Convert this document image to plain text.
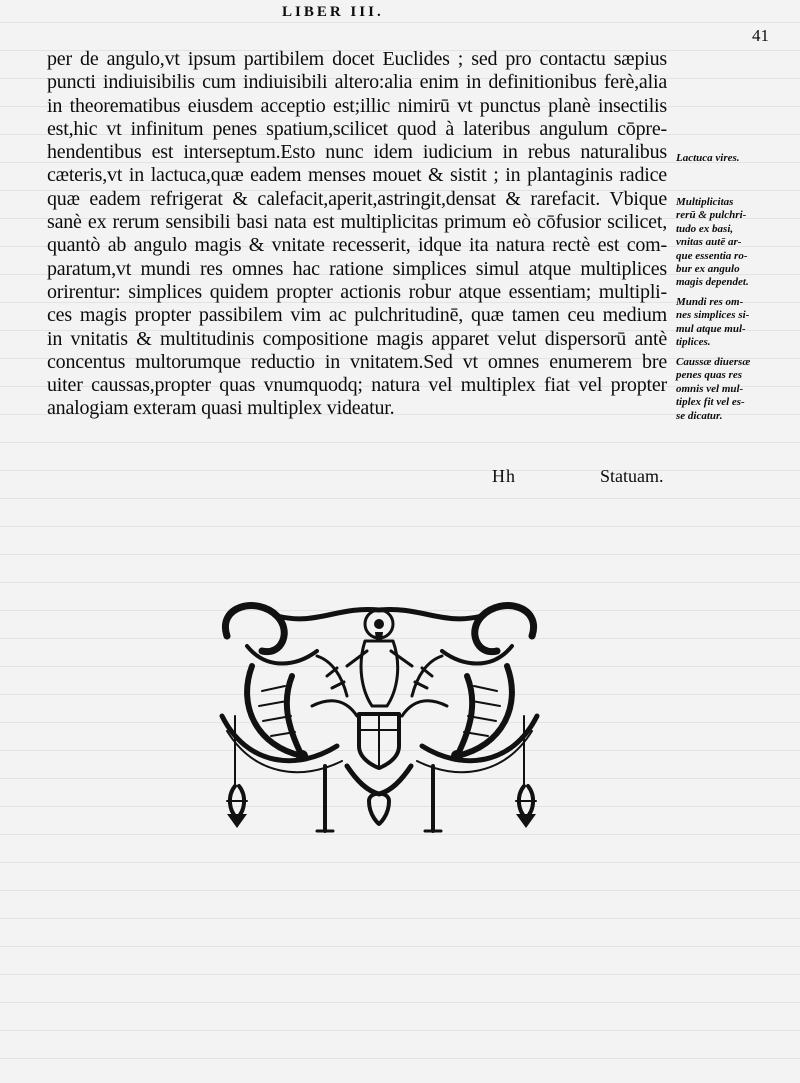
LIBER III.
41
per de angulo,vt ipsum partibilem docet Euclides ; sed pro contactu sæpius
puncti indiuisibilis cum indiuisibili altero:alia enim in definitionibus ferè,alia
in theorematibus eiusdem acceptio est;illic nimirū vt punctus planè insectilis
est,hic vt infinitum penes spatium,scilicet quod à lateribus angulum cōpre-
hendentibus est interseptum.Esto nunc idem iudicium in rebus naturalibus
cæteris,vt in lactuca,quæ eadem menses mouet & sistit ; in plantaginis radice
quæ eadem refrigerat & calefacit,aperit,astringit,densat & rarefacit. Vbique
sanè ex rerum sensibili basi nata est multiplicitas primum eò cōfusior scilicet,
quantò ab angulo magis & vnitate recesserit, idque ita natura rectè est com-
paratum,vt mundi res omnes hac ratione simplices simul atque multiplices
orirentur: simplices quidem propter actionis robur atque essentiam; multipli-
ces magis propter passibilem vim ac pulchritudinē, quæ tamen ceu medium
in vnitatis & multitudinis compositione magis apparet velut dispersorū antè
concentus multorumque reductio in vnitatem.Sed vt omnes enumerem bre
uiter caussas,propter quas vnumquodq; natura vel multiplex fiat vel propter
analogiam exteram quasi multiplex videatur.
Lactuca vires.
Multiplicitas
rerū & pulchri-
tudo ex basi,
vnitas autē ar-
que essentia ro-
bur ex angulo
magis dependet.
Mundi res om-
nes simplices si-
mul atque mul-
tiplices.
Caussæ diuersæ
penes quas res
omnis vel mul-
tiplex fit vel es-
se dicatur.
Hh	Statuam.
